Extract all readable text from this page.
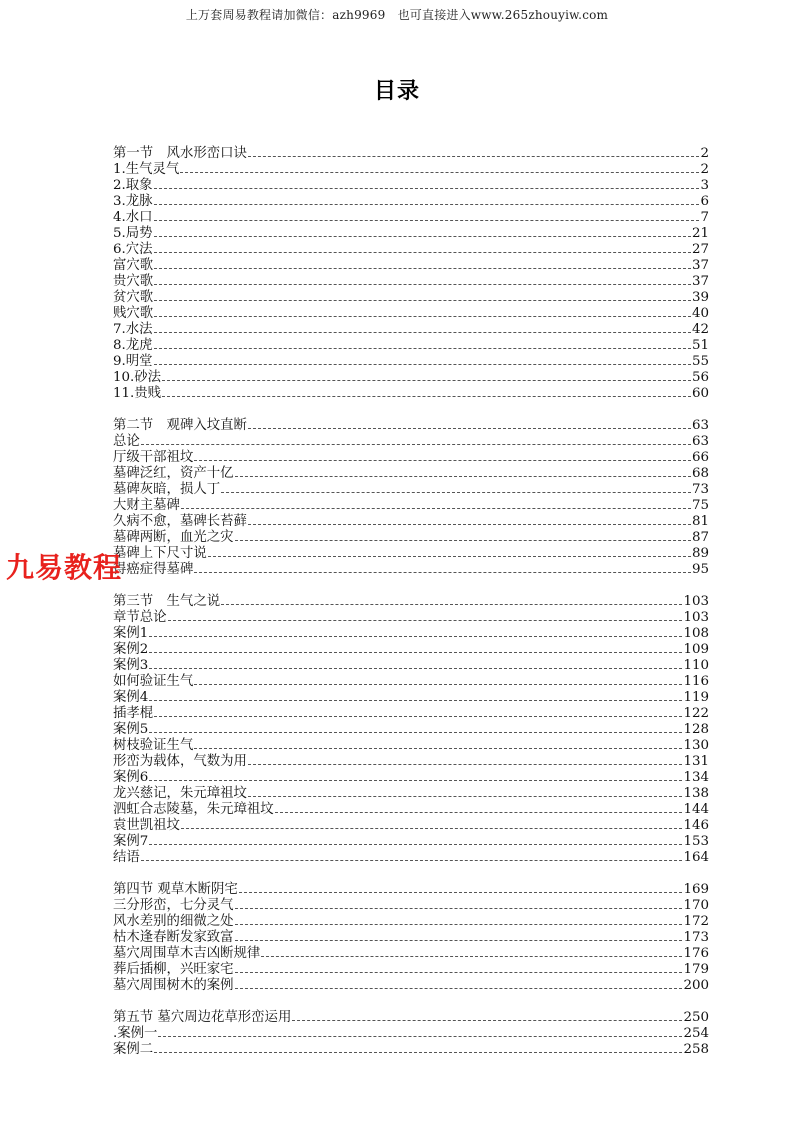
上万套周易教程请加微信：azh9969　也可直接进入www.265zhouyiw.com
目录
第一节　风水形峦口诀	2
1.生气灵气	2
2.取象	3
3.龙脉	6
4.水口	7
5.局势	21
6.穴法	27
富穴歌	37
贵穴歌	37
贫穴歌	39
贱穴歌	40
7.水法	42
8.龙虎	51
9.明堂	55
10.砂法	56
11.贵贱	60
第二节　观碑入坟直断	63
总论	63
厅级干部祖坟	66
墓碑泛红，资产十亿	68
墓碑灰暗，损人丁	73
大财主墓碑	75
久病不愈，墓碑长苔藓	81
墓碑两断，血光之灾	87
墓碑上下尺寸说	89
得癌症得墓碑	95
第三节　生气之说	103
章节总论	103
案例1	108
案例2	109
案例3	110
如何验证生气	116
案例4	119
插孝棍	122
案例5	128
树枝验证生气	130
形峦为载体，气数为用	131
案例6	134
龙兴慈记，朱元璋祖坟	138
泗虹合志陵墓，朱元璋祖坟	144
袁世凯祖坟	146
案例7	153
结语	164
第四节 观草木断阴宅	169
三分形峦，七分灵气	170
风水差别的细微之处	172
枯木逢春断发家致富	173
墓穴周围草木吉凶断规律	176
葬后插柳，兴旺家宅	179
墓穴周围树木的案例	200
第五节 墓穴周边花草形峦运用	250
.案例一	254
案例二	258
九易教程
